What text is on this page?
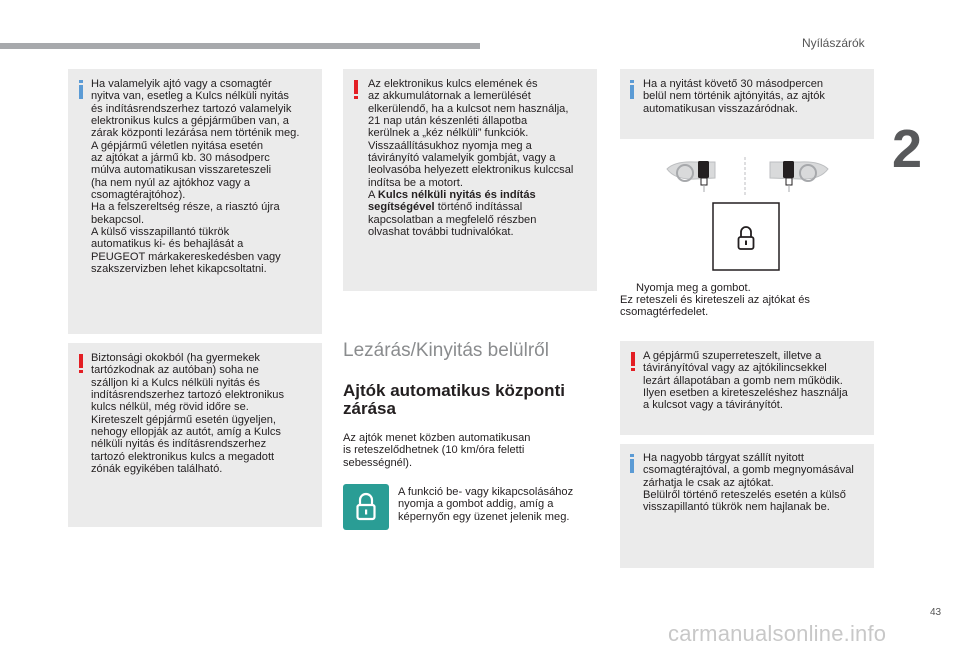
Nyílászárók
2
Ha valamelyik ajtó vagy a csomagtér
nyitva van, esetleg a Kulcs nélküli nyitás
és indításrendszerhez tartozó valamelyik
elektronikus kulcs a gépjárműben van, a
zárak központi lezárása nem történik meg.
A gépjármű véletlen nyitása esetén
az ajtókat a jármű kb. 30 másodperc
múlva automatikusan visszareteszeli
(ha nem nyúl az ajtókhoz vagy a
csomagtérajtóhoz).
Ha a felszereltség része, a riasztó újra
bekapcsol.
A külső visszapillantó tükrök
automatikus ki- és behajlását a
PEUGEOT márkakereskedésben vagy
szakszervizben lehet kikapcsoltatni.
Biztonsági okokból (ha gyermekek
tartózkodnak az autóban) soha ne
szálljon ki a Kulcs nélküli nyitás és
indításrendszerhez tartozó elektronikus
kulcs nélkül, még rövid időre se.
Kireteszelt gépjármű esetén ügyeljen,
nehogy ellopják az autót, amíg a Kulcs
nélküli nyitás és indításrendszerhez
tartozó elektronikus kulcs a megadott
zónák egyikében található.
Az elektronikus kulcs elemének és
az akkumulátornak a lemerülését
elkerülendő, ha a kulcsot nem használja,
21 nap után készenléti állapotba
kerülnek a „kéz nélküli” funkciók.
Visszaállításukhoz nyomja meg a
távirányító valamelyik gombját, vagy a
leolvasóba helyezett elektronikus kulccsal
indítsa be a motort.
A Kulcs nélküli nyitás és indítás
segítségével történő indítással
kapcsolatban a megfelelő részben
olvashat további tudnivalókat.
Lezárás/Kinyitás belülről
Ajtók automatikus központi
zárása
Az ajtók menet közben automatikusan
is reteszelődhetnek (10 km/óra feletti
sebességnél).
A funkció be- vagy kikapcsolásához
nyomja a gombot addig, amíg a
képernyőn egy üzenet jelenik meg.
Ha a nyitást követő 30 másodpercen
belül nem történik ajtónyitás, az ajtók
automatikusan visszazáródnak.
Nyomja meg a gombot.
Ez reteszeli és kireteszeli az ajtókat és
csomagtérfedelet.
A gépjármű szuperreteszelt, illetve a
távirányítóval vagy az ajtókilincsekkel
lezárt állapotában a gomb nem működik.
Ilyen esetben a kireteszeléshez használja
a kulcsot vagy a távirányítót.
Ha nagyobb tárgyat szállít nyitott
csomagtérajtóval, a gomb megnyomásával
zárhatja le csak az ajtókat.
Belülről történő reteszelés esetén a külső
visszapillantó tükrök nem hajlanak be.
43
carmanualsonline.info
